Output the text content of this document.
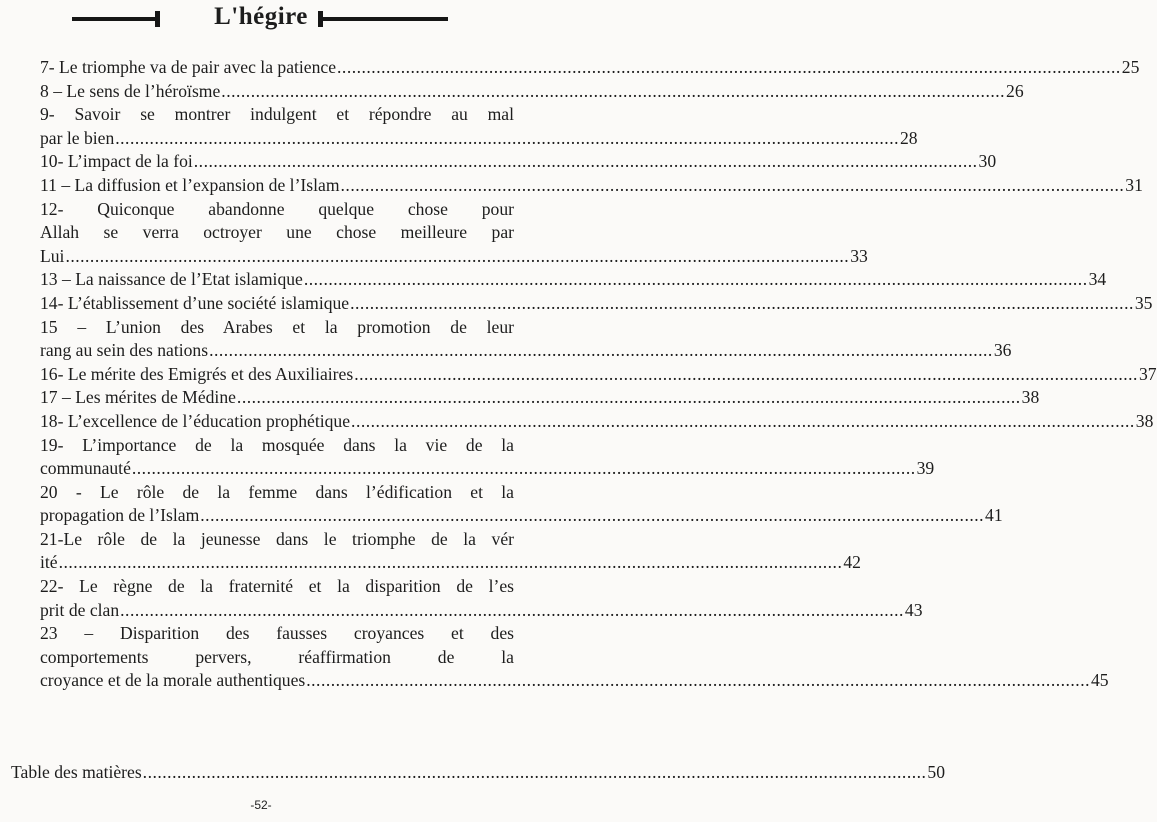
L'hégire
7- Le triomphe va de pair avec la patience ................................................................................................................................................................ 25
8 – Le sens de l’héroïsme ................................................................................................................................................................ 26
9- Savoir se montrer indulgent et répondre au mal
par le bien ................................................................................................................................................................ 28
10- L’impact de la foi ................................................................................................................................................................ 30
11 – La diffusion et l’expansion de l’Islam ................................................................................................................................................................ 31
12- Quiconque abandonne quelque chose pour
Allah se verra octroyer une chose meilleure par
Lui ................................................................................................................................................................ 33
13 – La naissance de l’Etat islamique ................................................................................................................................................................ 34
14- L’établissement d’une société islamique ................................................................................................................................................................ 35
15 – L’union des Arabes et la promotion de leur
rang au sein des nations ................................................................................................................................................................ 36
16- Le mérite des Emigrés et des Auxiliaires ................................................................................................................................................................ 37
17 – Les mérites de Médine ................................................................................................................................................................ 38
18- L’excellence de l’éducation prophétique ................................................................................................................................................................ 38
19- L’importance de la mosquée dans la vie de la
communauté ................................................................................................................................................................ 39
20 - Le rôle de la femme dans l’édification et la
propagation de l’Islam ................................................................................................................................................................ 41
21-Le rôle de la jeunesse dans le triomphe de la vér
ité ................................................................................................................................................................ 42
22- Le règne de la fraternité et la disparition de l’es
prit de clan ................................................................................................................................................................ 43
23 – Disparition des fausses croyances et des
comportements pervers, réaffirmation de la
croyance et de la morale authentiques ................................................................................................................................................................ 45
Table des matières ................................................................................................................................................................ 50
-52-
